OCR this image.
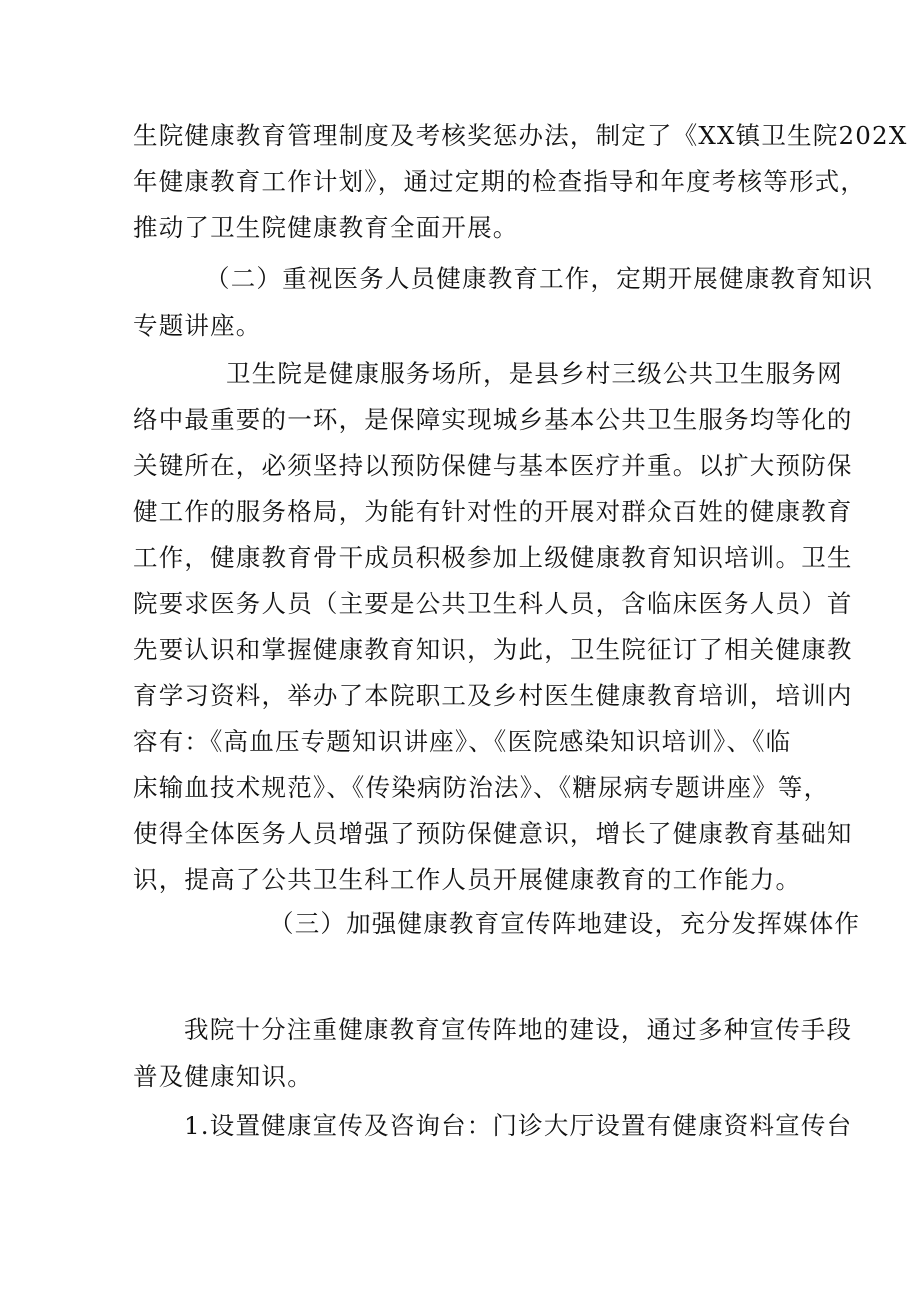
生院健康教育管理制度及考核奖惩办法，制定了《XX镇卫生院202X
年健康教育工作计划》，通过定期的检查指导和年度考核等形式，
推动了卫生院健康教育全面开展。
（二）重视医务人员健康教育工作，定期开展健康教育知识
专题讲座。
卫生院是健康服务场所，是县乡村三级公共卫生服务网
络中最重要的一环，是保障实现城乡基本公共卫生服务均等化的
关键所在，必须坚持以预防保健与基本医疗并重。以扩大预防保
健工作的服务格局，为能有针对性的开展对群众百姓的健康教育
工作，健康教育骨干成员积极参加上级健康教育知识培训。卫生
院要求医务人员（主要是公共卫生科人员，含临床医务人员）首
先要认识和掌握健康教育知识，为此，卫生院征订了相关健康教
育学习资料，举办了本院职工及乡村医生健康教育培训，培训内
容有：《高血压专题知识讲座》、《医院感染知识培训》、《临
床输血技术规范》、《传染病防治法》、《糖尿病专题讲座》等，
使得全体医务人员增强了预防保健意识，增长了健康教育基础知
识，提高了公共卫生科工作人员开展健康教育的工作能力。
（三）加强健康教育宣传阵地建设，充分发挥媒体作
我院十分注重健康教育宣传阵地的建设，通过多种宣传手段
普及健康知识。
1.设置健康宣传及咨询台：门诊大厅设置有健康资料宣传台
